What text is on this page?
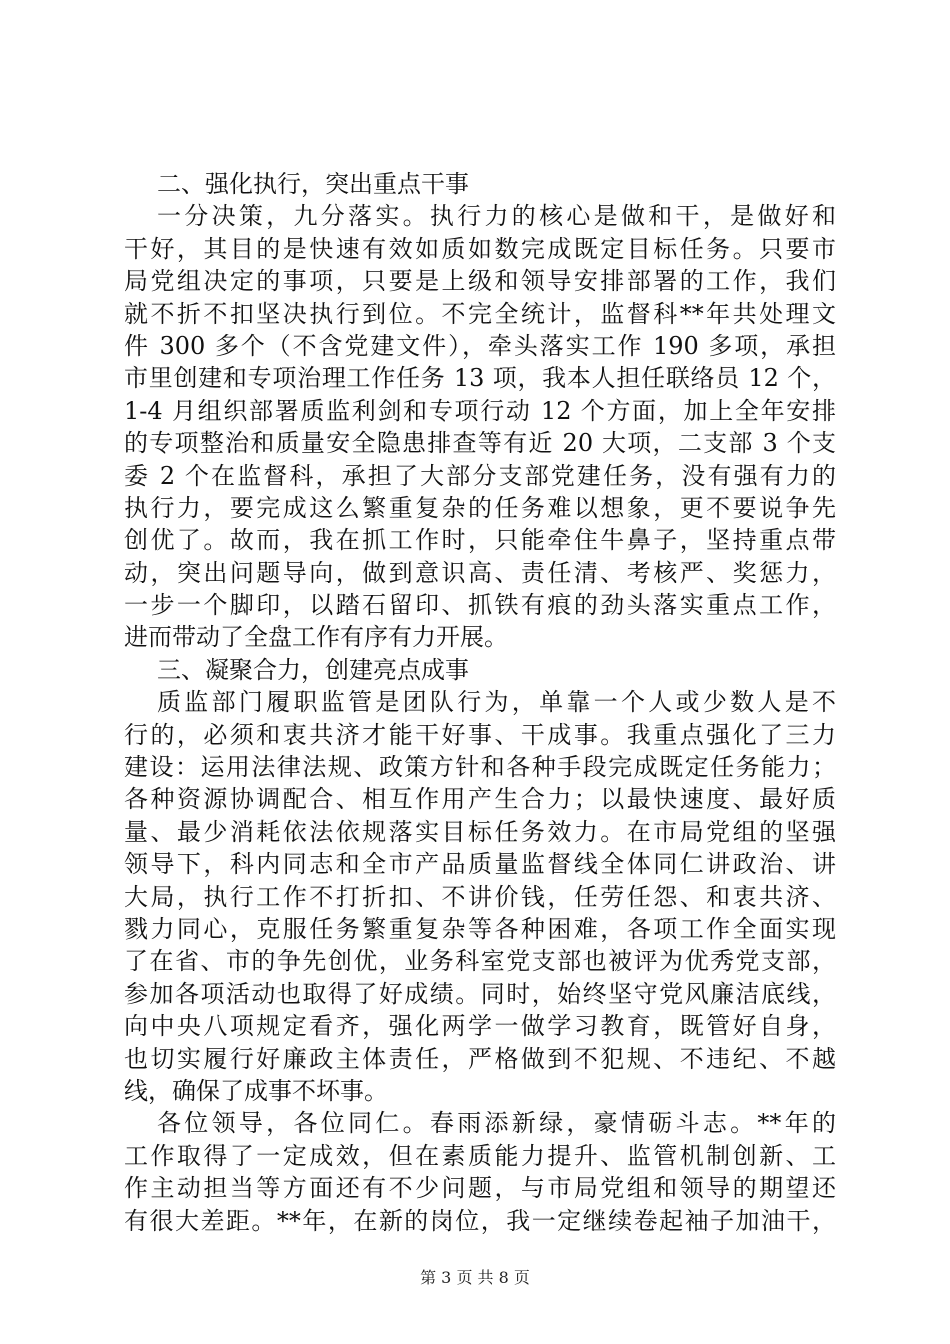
二、强化执行，突出重点干事
一分决策，九分落实。执行力的核心是做和干，是做好和
干好，其目的是快速有效如质如数完成既定目标任务。只要市
局党组决定的事项，只要是上级和领导安排部署的工作，我们
就不折不扣坚决执行到位。不完全统计，监督科**年共处理文
件 300 多个（不含党建文件），牵头落实工作 190 多项，承担
市里创建和专项治理工作任务 13 项，我本人担任联络员 12 个，
1-4 月组织部署质监利剑和专项行动 12 个方面，加上全年安排
的专项整治和质量安全隐患排查等有近 20 大项，二支部 3 个支
委 2 个在监督科，承担了大部分支部党建任务，没有强有力的
执行力，要完成这么繁重复杂的任务难以想象，更不要说争先
创优了。故而，我在抓工作时，只能牵住牛鼻子，坚持重点带
动，突出问题导向，做到意识高、责任清、考核严、奖惩力，
一步一个脚印，以踏石留印、抓铁有痕的劲头落实重点工作，
进而带动了全盘工作有序有力开展。
三、凝聚合力，创建亮点成事
质监部门履职监管是团队行为，单靠一个人或少数人是不
行的，必须和衷共济才能干好事、干成事。我重点强化了三力
建设：运用法律法规、政策方针和各种手段完成既定任务能力；
各种资源协调配合、相互作用产生合力；以最快速度、最好质
量、最少消耗依法依规落实目标任务效力。在市局党组的坚强
领导下，科内同志和全市产品质量监督线全体同仁讲政治、讲
大局，执行工作不打折扣、不讲价钱，任劳任怨、和衷共济、
戮力同心，克服任务繁重复杂等各种困难，各项工作全面实现
了在省、市的争先创优，业务科室党支部也被评为优秀党支部，
参加各项活动也取得了好成绩。同时，始终坚守党风廉洁底线，
向中央八项规定看齐，强化两学一做学习教育，既管好自身，
也切实履行好廉政主体责任，严格做到不犯规、不违纪、不越
线，确保了成事不坏事。
各位领导，各位同仁。春雨添新绿，豪情砺斗志。**年的
工作取得了一定成效，但在素质能力提升、监管机制创新、工
作主动担当等方面还有不少问题，与市局党组和领导的期望还
有很大差距。**年，在新的岗位，我一定继续卷起袖子加油干，
第 3 页 共 8 页
